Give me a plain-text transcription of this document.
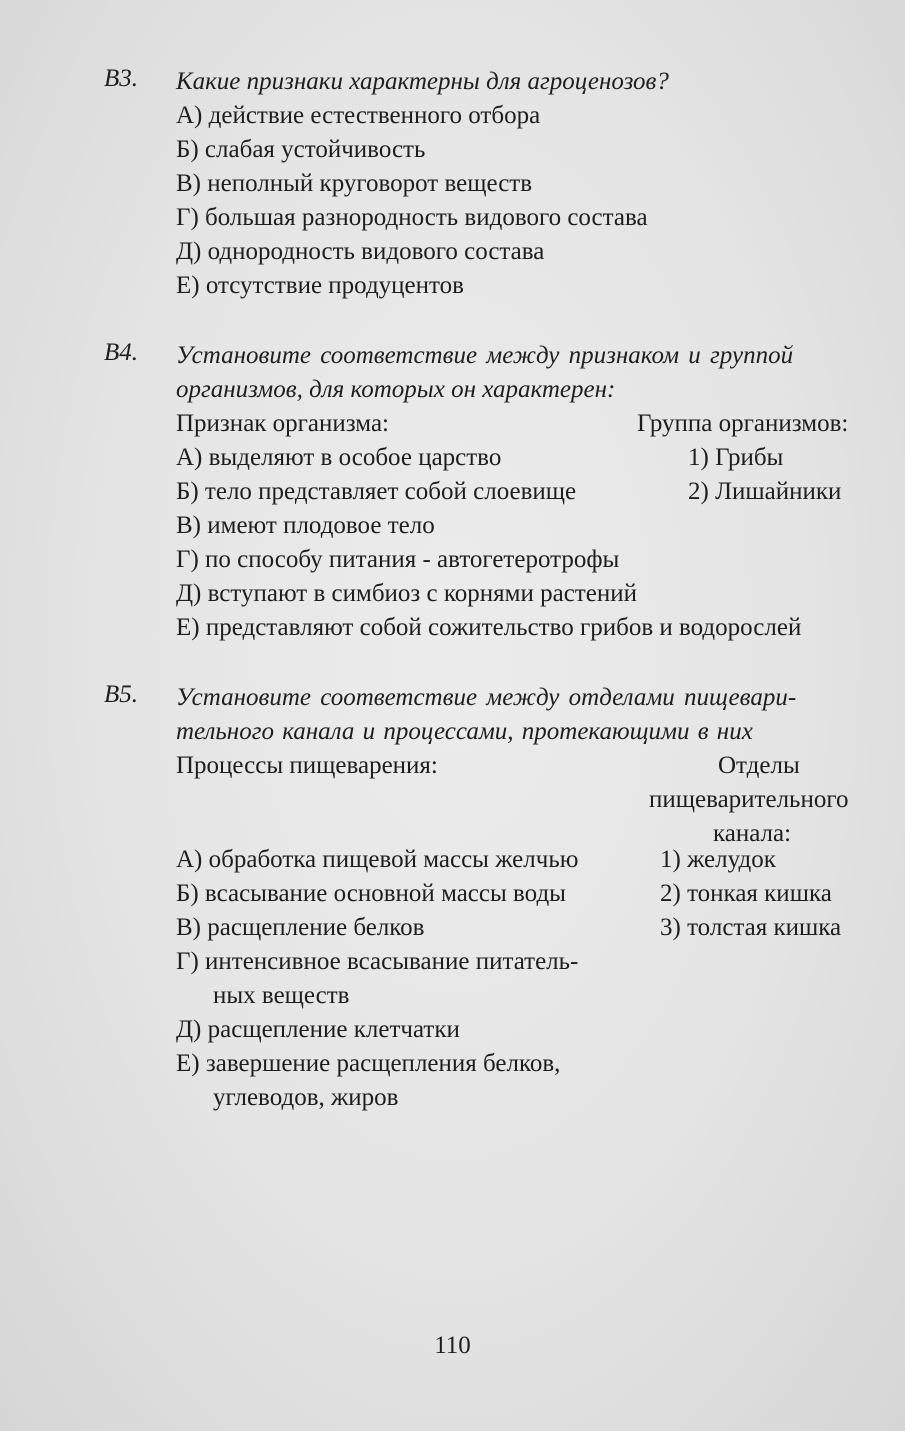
B3. Какие признаки характерны для агроценозов?
А) действие естественного отбора
Б) слабая устойчивость
В) неполный круговорот веществ
Г) большая разнородность видового состава
Д) однородность видового состава
Е) отсутствие продуцентов
B4. Установите соответствие между признаком и группой
организмов, для которых он характерен:
Признак организма:	Группа организмов:
А) выделяют в особое царство
Б) тело представляет собой слоевище
В) имеют плодовое тело
Г) по способу питания - автогетеротрофы
Д) вступают в симбиоз с корнями растений
Е) представляют собой сожительство грибов и водорослей
1) Грибы
2) Лишайники
B5. Установите соответствие между отделами пищевари-
тельного канала и процессами, протекающими в них
Процессы пищеварения:	Отделы
пищеварительного
канала:
А) обработка пищевой массы желчью
Б) всасывание основной массы воды
В) расщепление белков
Г) интенсивное всасывание питатель-
ных веществ
Д) расщепление клетчатки
Е) завершение расщепления белков,
углеводов, жиров
1) желудок
2) тонкая кишка
3) толстая кишка
110
